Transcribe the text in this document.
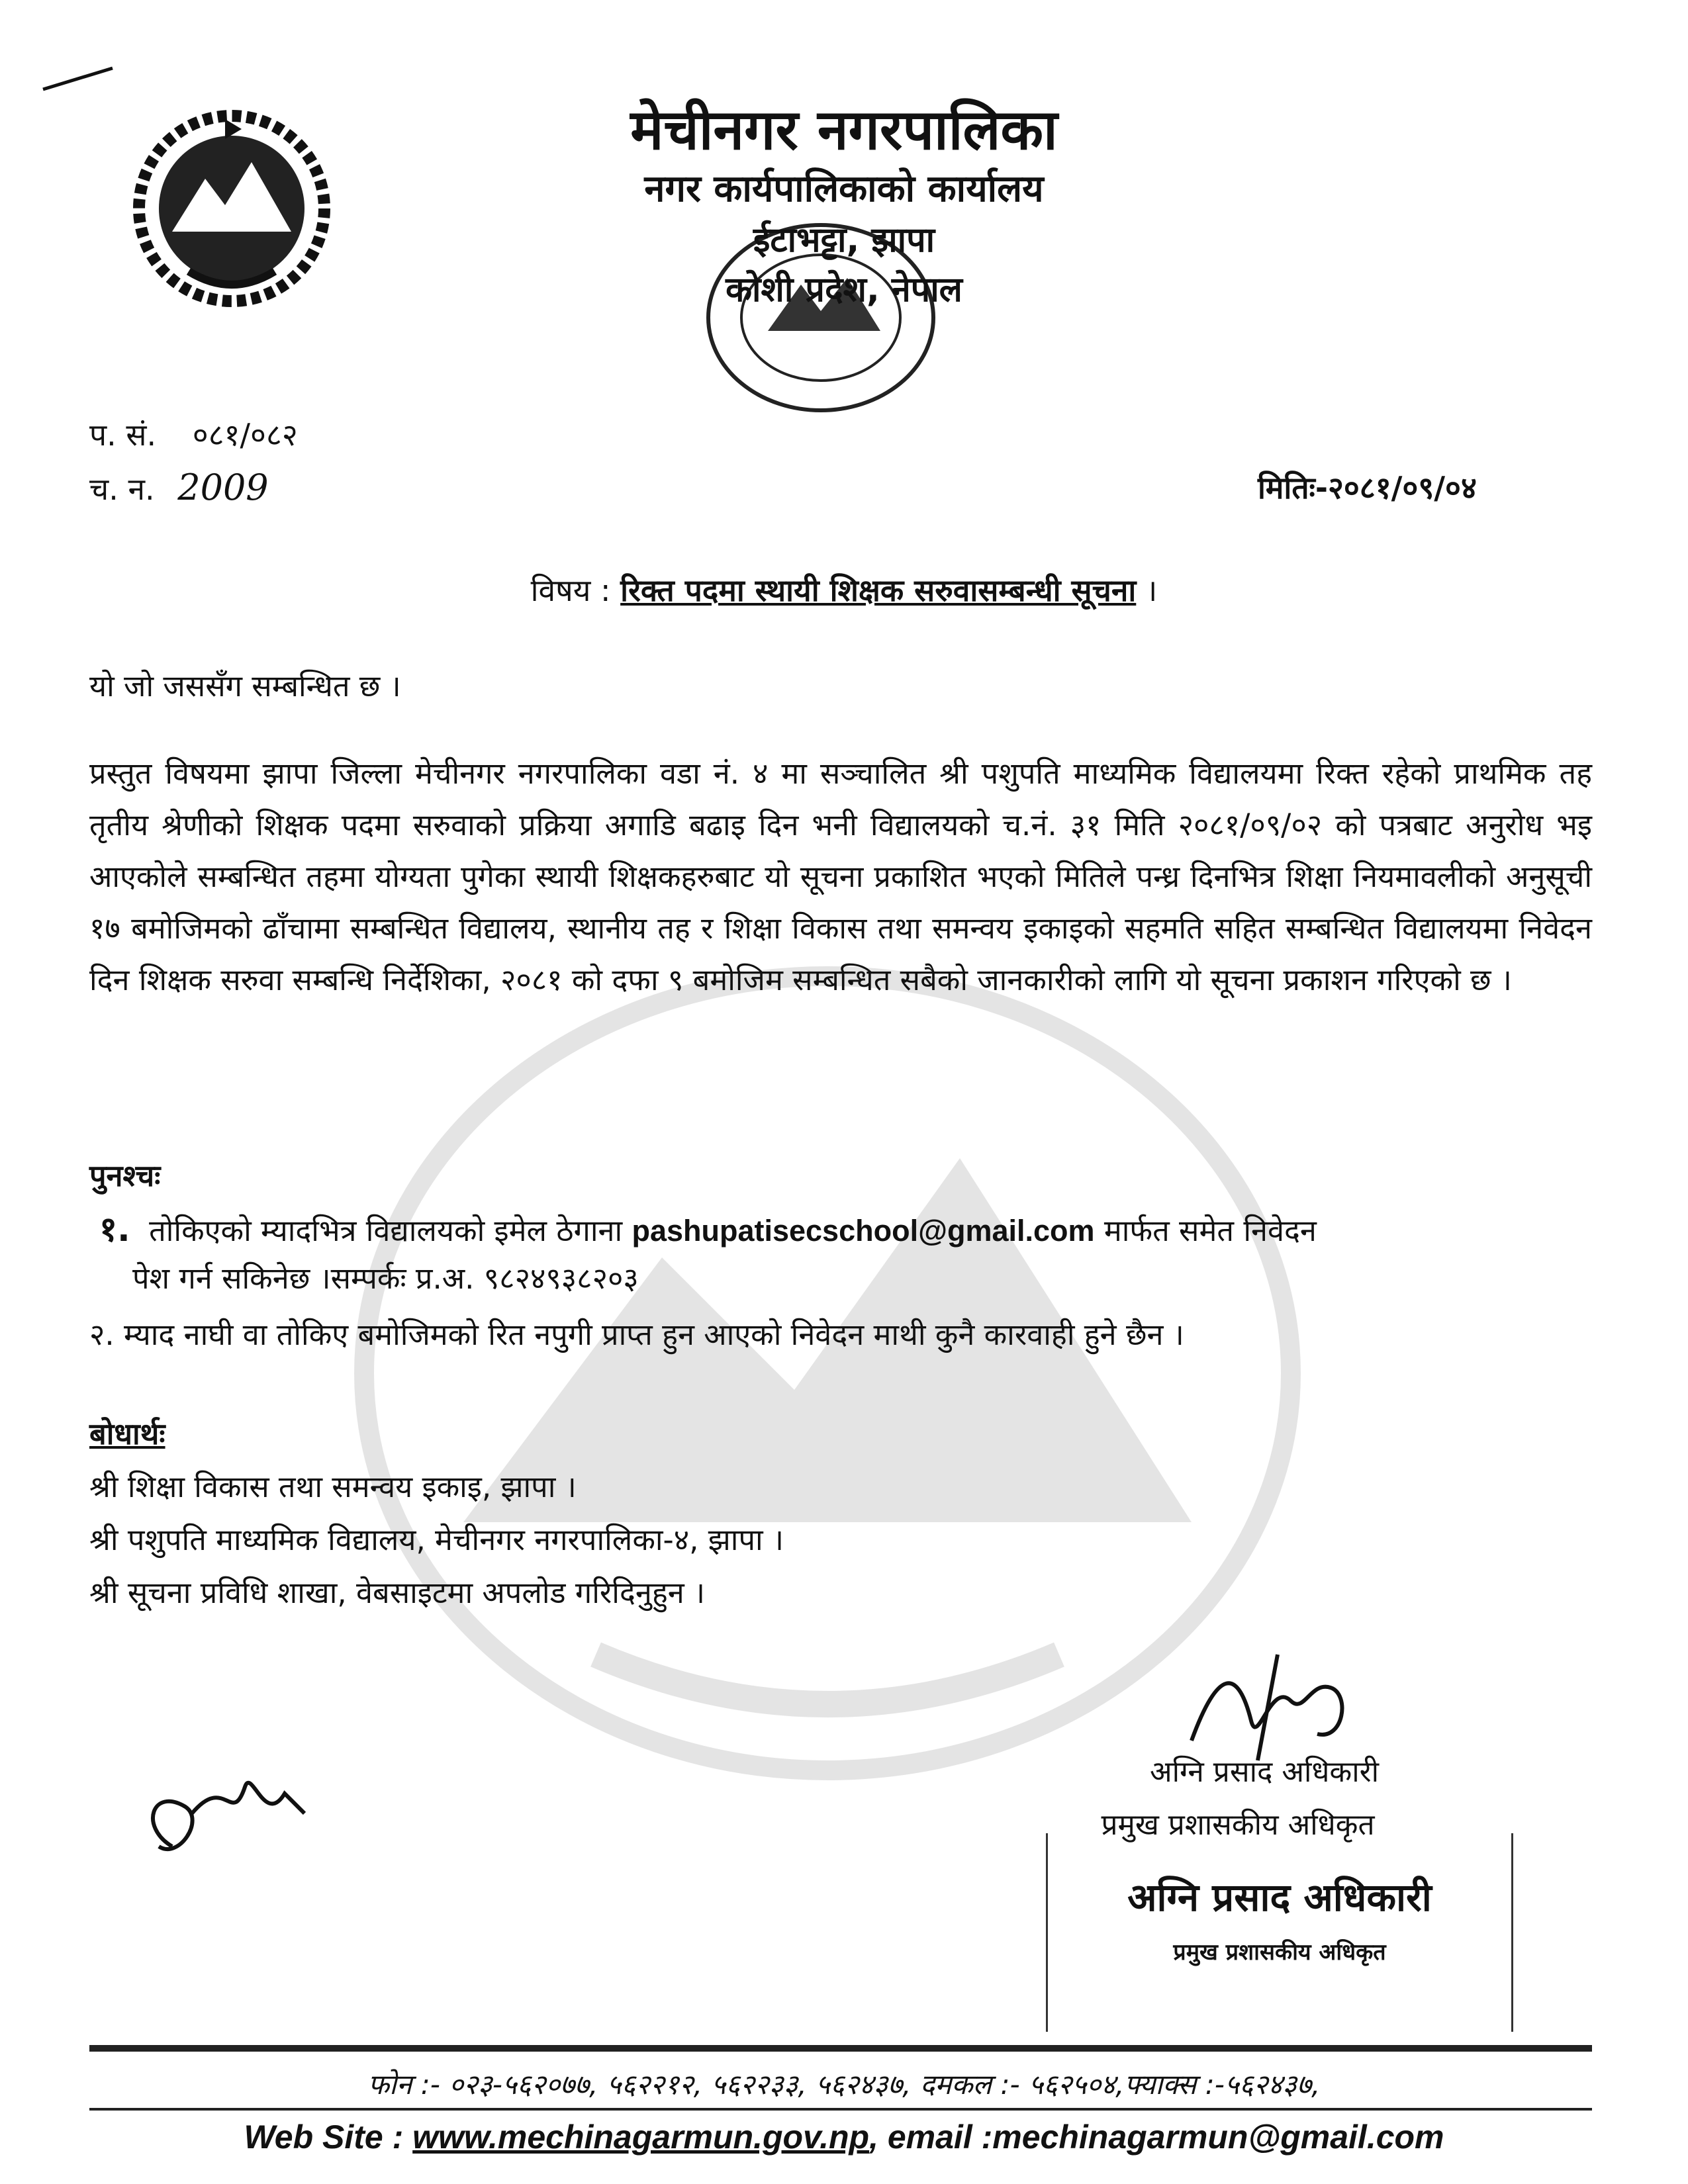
मेचीनगर नगरपालिका
नगर कार्यपालिकाको कार्यालय
ईटाभट्टा, झापा
कोशी प्रदेश, नेपाल
प. सं. ०८१/०८२
च. न. 2009	मितिः-२०८१/०९/०४
विषय : रिक्त पदमा स्थायी शिक्षक सरुवासम्बन्धी सूचना ।
यो जो जससँग सम्बन्धित छ ।
प्रस्तुत विषयमा झापा जिल्ला मेचीनगर नगरपालिका वडा नं. ४ मा सञ्चालित श्री पशुपति माध्यमिक विद्यालयमा रिक्त रहेको प्राथमिक तह तृतीय श्रेणीको शिक्षक पदमा सरुवाको प्रक्रिया अगाडि बढाइ दिन भनी विद्यालयको च.नं. ३१ मिति २०८१/०९/०२ को पत्रबाट अनुरोध भइ आएकोले सम्बन्धित तहमा योग्यता पुगेका स्थायी शिक्षकहरुबाट यो सूचना प्रकाशित भएको मितिले पन्ध्र दिनभित्र शिक्षा नियमावलीको अनुसूची १७ बमोजिमको ढाँचामा सम्बन्धित विद्यालय, स्थानीय तह र शिक्षा विकास तथा समन्वय इकाइको सहमति सहित सम्बन्धित विद्यालयमा निवेदन दिन शिक्षक सरुवा सम्बन्धि निर्देशिका, २०८१ को दफा ९ बमोजिम सम्बन्धित सबैको जानकारीको लागि यो सूचना प्रकाशन गरिएको छ ।
पुनश्चः
१. तोकिएको म्यादभित्र विद्यालयको इमेल ठेगाना pashupatisecschool@gmail.com मार्फत समेत निवेदन
पेश गर्न सकिनेछ ।सम्पर्कः प्र.अ. ९८२४९३८२०३
२. म्याद नाघी वा तोकिए बमोजिमको रित नपुगी प्राप्त हुन आएको निवेदन माथी कुनै कारवाही हुने छैन ।
बोधार्थः
श्री शिक्षा विकास तथा समन्वय इकाइ, झापा ।
श्री पशुपति माध्यमिक विद्यालय, मेचीनगर नगरपालिका-४, झापा ।
श्री सूचना प्रविधि शाखा, वेबसाइटमा अपलोड गरिदिनुहुन ।
अग्नि प्रसाद अधिकारी
प्रमुख प्रशासकीय अधिकृत
अग्नि प्रसाद अधिकारी
प्रमुख प्रशासकीय अधिकृत
फोन :- ०२३-५६२०७७, ५६२२१२, ५६२२३३, ५६२४३७, दमकल :- ५६२५०४,फ्याक्स :-५६२४३७,
Web Site : www.mechinagarmun.gov.np, email :mechinagarmun@gmail.com
